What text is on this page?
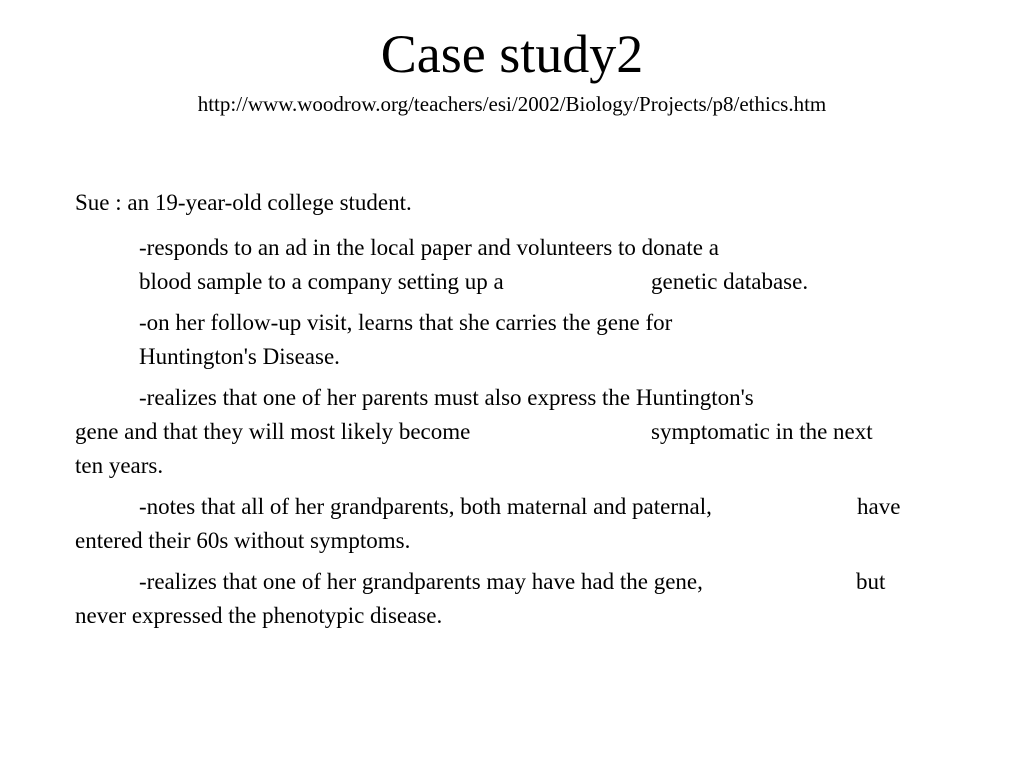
Case study2
http://www.woodrow.org/teachers/esi/2002/Biology/Projects/p8/ethics.htm
Sue : an 19-year-old college student.
-responds to an ad in the local paper and volunteers to donate a
blood sample to a company setting up a	genetic database.
-on her follow-up visit, learns that she carries the gene for
Huntington's Disease.
-realizes that one of her parents must also express the Huntington's
gene and that they will most likely become	symptomatic in the next
ten years.
-notes that all of her grandparents, both maternal and paternal,	have
entered their 60s without symptoms.
-realizes that one of her grandparents may have had the gene,	but
never expressed the phenotypic disease.
